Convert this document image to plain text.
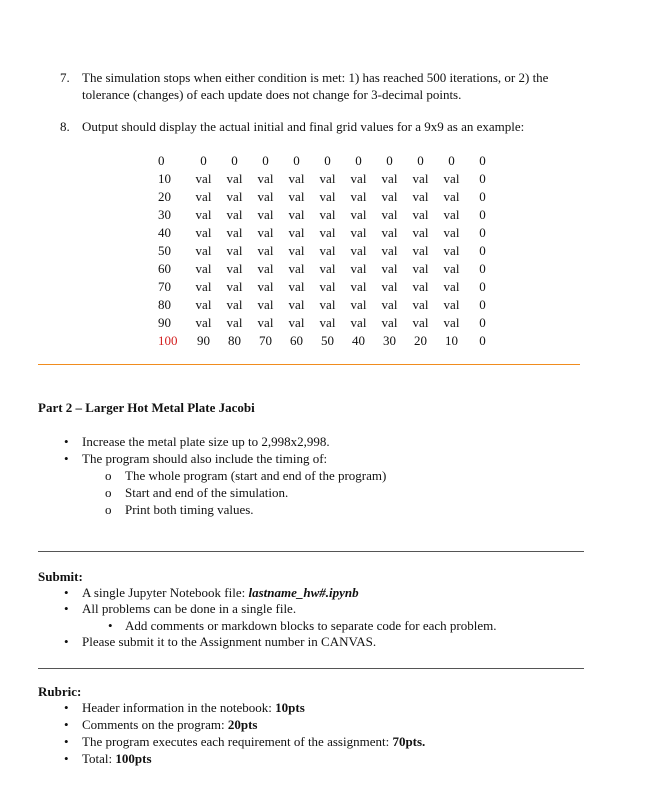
7. The simulation stops when either condition is met: 1) has reached 500 iterations, or 2) the
tolerance (changes) of each update does not change for 3-decimal points.
8. Output should display the actual initial and final grid values for a 9x9 as an example:
0	0	0	0	0	0	0	0	0	0	0
10	val	val	val	val	val	val	val	val	val	0
20	val	val	val	val	val	val	val	val	val	0
30	val	val	val	val	val	val	val	val	val	0
40	val	val	val	val	val	val	val	val	val	0
50	val	val	val	val	val	val	val	val	val	0
60	val	val	val	val	val	val	val	val	val	0
70	val	val	val	val	val	val	val	val	val	0
80	val	val	val	val	val	val	val	val	val	0
90	val	val	val	val	val	val	val	val	val	0
100	90	80	70	60	50	40	30	20	10	0
Part 2 – Larger Hot Metal Plate Jacobi
• Increase the metal plate size up to 2,998x2,998.
• The program should also include the timing of:
o The whole program (start and end of the program)
o Start and end of the simulation.
o Print both timing values.
Submit:
• A single Jupyter Notebook file: lastname_hw#.ipynb
• All problems can be done in a single file.
• Add comments or markdown blocks to separate code for each problem.
• Please submit it to the Assignment number in CANVAS.
Rubric:
• Header information in the notebook: 10pts
• Comments on the program: 20pts
• The program executes each requirement of the assignment: 70pts.
• Total: 100pts
